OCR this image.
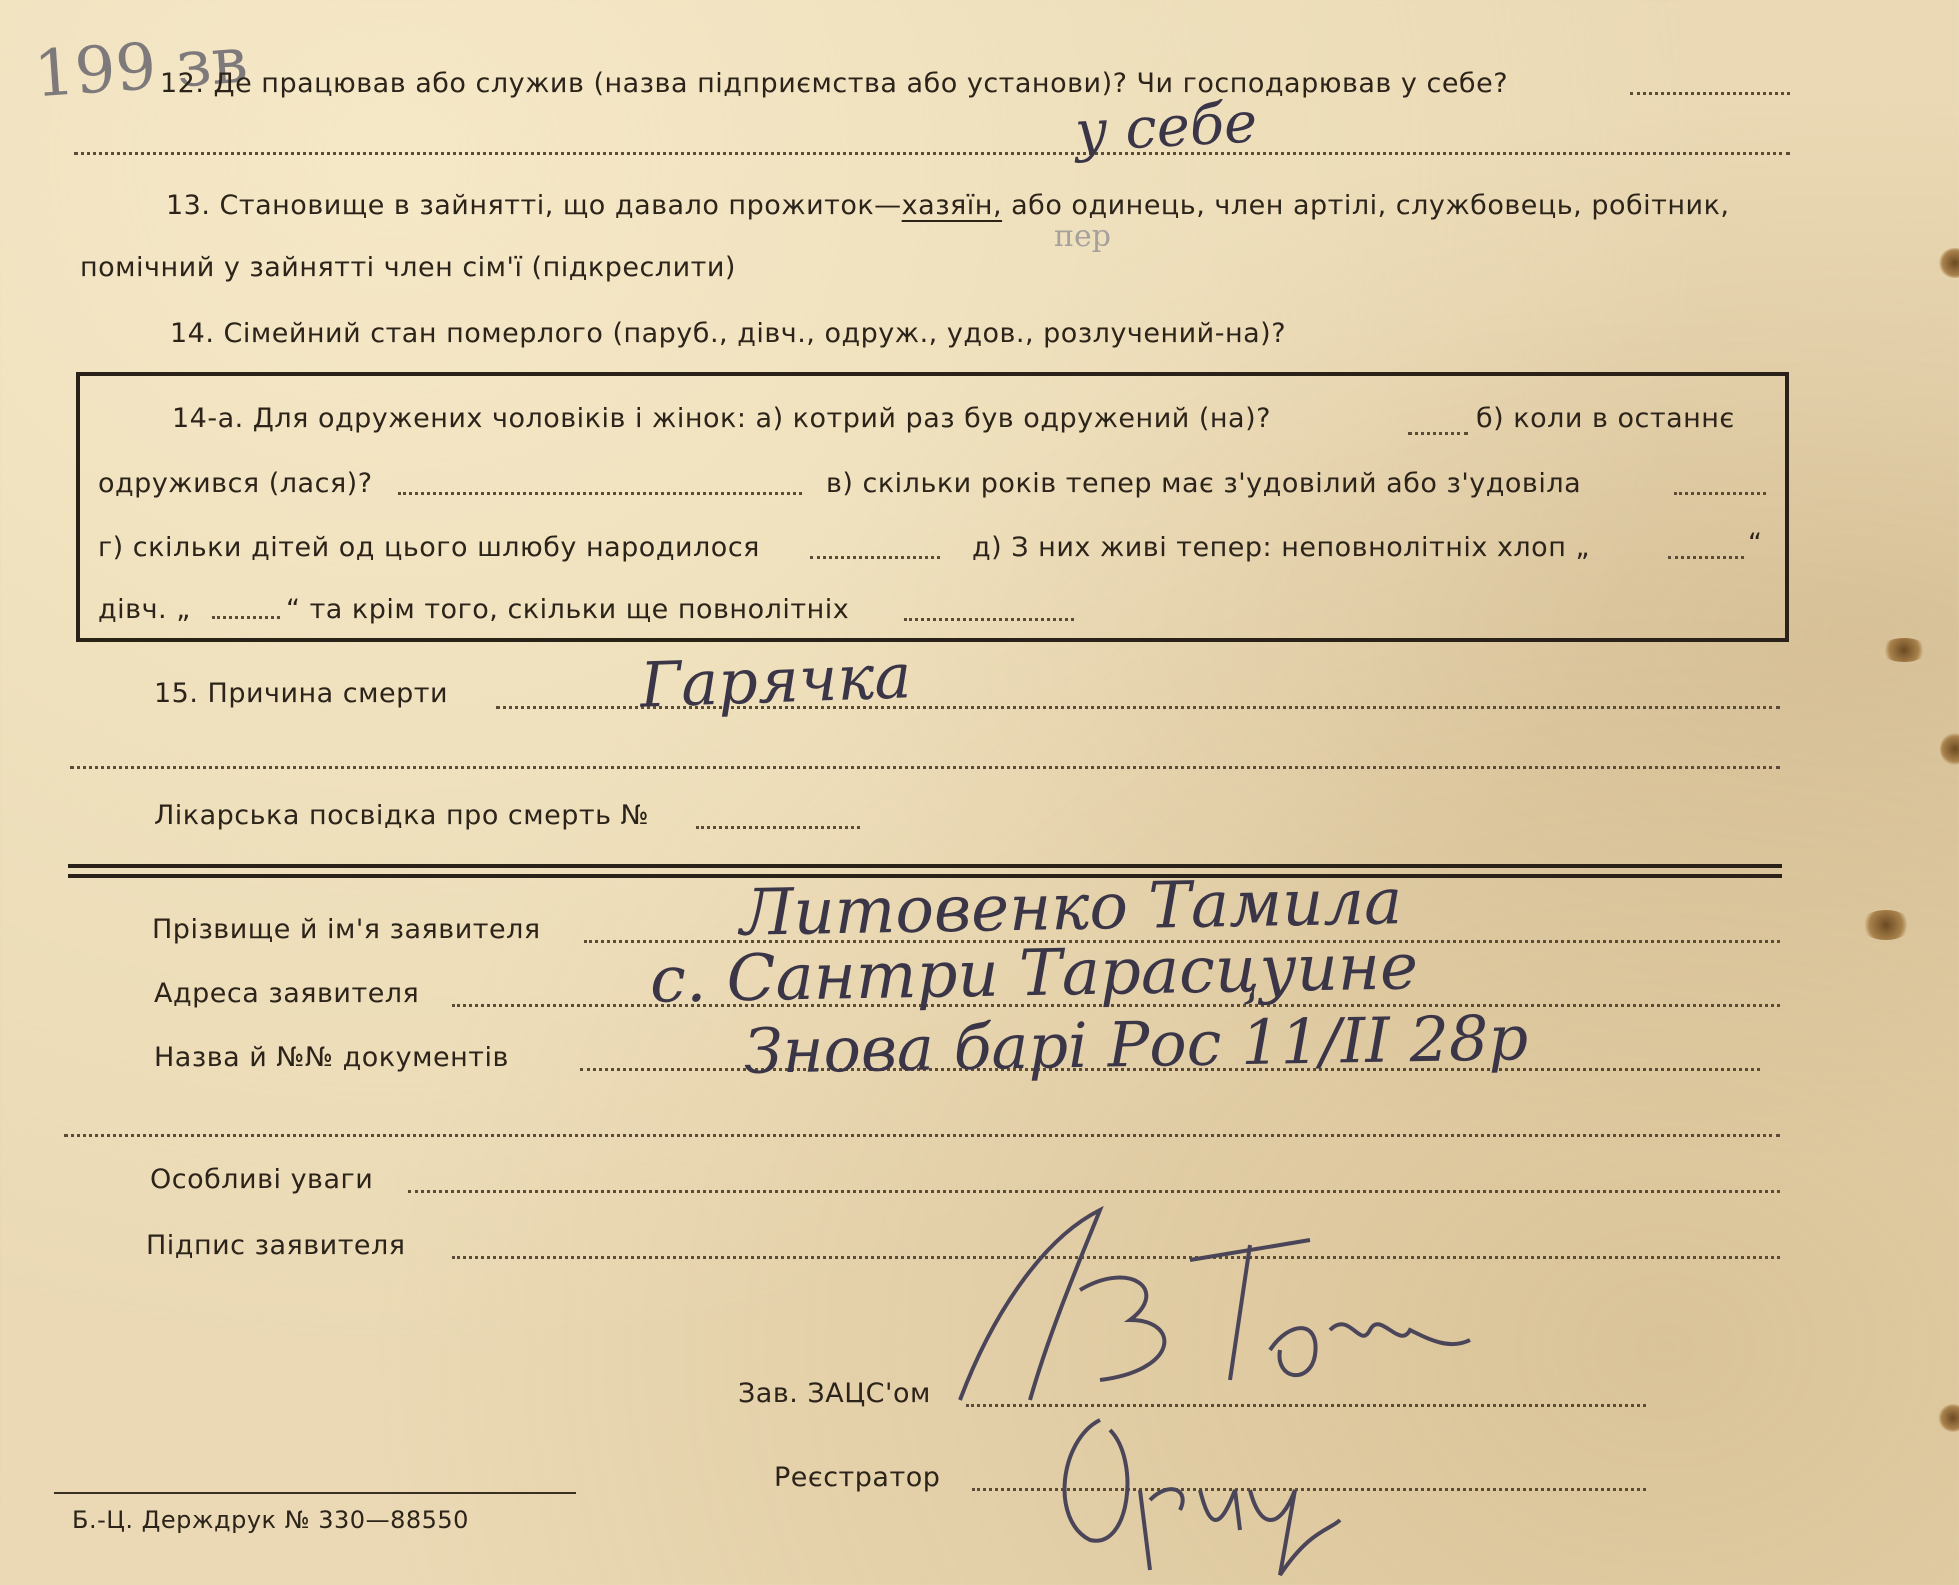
199 зв
12. Де працював або служив (назва підприємства або установи)? Чи господарював у себе?
у себе
13. Становище в зайнятті, що давало прожиток—хазяїн, або одинець, член артілі, службовець, робітник,
помічний у зайнятті член сім'ї (підкреслити)
пер
14. Сімейний стан померлого (паруб., дівч., одруж., удов., розлучений-на)?
14-а. Для одружених чоловіків і жінок: а) котрий раз був одружений (на)?	б) коли в останнє
одружився (лася)?	в) скільки років тепер має з'удовілий або з'удовіла
г) скільки дітей од цього шлюбу народилося	д) З них живі тепер: неповнолітніх хлоп „	“
дівч. „	“ та крім того, скільки ще повнолітніх
15. Причина смерти	Гарячка
Лікарська посвідка про смерть №
Прізвище й ім'я заявителя	Литовенко Тамила
Адреса заявителя	с. Сантри Тарасцуине
Назва й №№ документів	Знова барі Рос 11/ІІ 28р
Особливі уваги
Підпис заявителя
Зав. ЗАЦС'ом
Реєстратор
Б.-Ц. Держдрук № 330—88550
